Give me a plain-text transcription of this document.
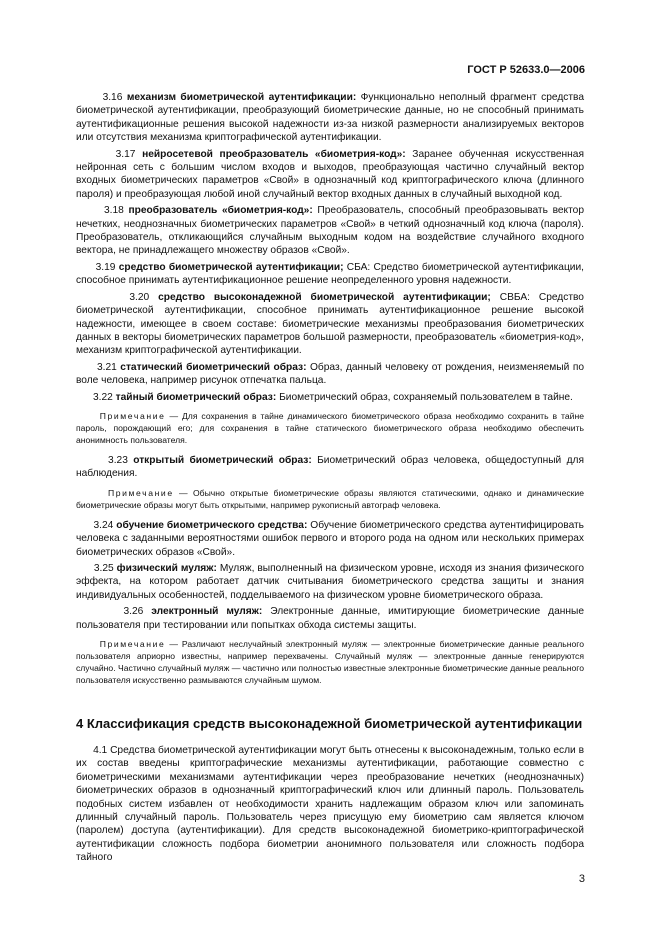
ГОСТ Р 52633.0—2006

3.16 механизм биометрической аутентификации: Функционально неполный фрагмент средства биометрической аутентификации, преобразующий биометрические данные, но не способный принимать аутентификационные решения высокой надежности из-за низкой размерности анализируемых векторов или отсутствия механизма криптографической аутентификации.

3.17 нейросетевой преобразователь «биометрия-код»: Заранее обученная искусственная нейронная сеть с большим числом входов и выходов, преобразующая частично случайный вектор входных биометрических параметров «Свой» в однозначный код криптографического ключа (длинного пароля) и преобразующая любой иной случайный вектор входных данных в случайный выходной код.

3.18 преобразователь «биометрия-код»: Преобразователь, способный преобразовывать вектор нечетких, неоднозначных биометрических параметров «Свой» в четкий однозначный код ключа (пароля). Преобразователь, откликающийся случайным выходным кодом на воздействие случайного входного вектора, не принадлежащего множеству образов «Свой».

3.19 средство биометрической аутентификации; СБА: Средство биометрической аутентификации, способное принимать аутентификационное решение неопределенного уровня надежности.

3.20 средство высоконадежной биометрической аутентификации; СВБА: Средство биометрической аутентификации, способное принимать аутентификационное решение высокой надежности, имеющее в своем составе: биометрические механизмы преобразования биометрических данных в векторы биометрических параметров большой размерности, преобразователь «биометрия-код», механизм криптографической аутентификации.

3.21 статический биометрический образ: Образ, данный человеку от рождения, неизменяемый по воле человека, например рисунок отпечатка пальца.

3.22 тайный биометрический образ: Биометрический образ, сохраняемый пользователем в тайне.

Примечание — Для сохранения в тайне динамического биометрического образа необходимо сохранить в тайне пароль, порождающий его; для сохранения в тайне статического биометрического образа необходимо обеспечить анонимность пользователя.

3.23 открытый биометрический образ: Биометрический образ человека, общедоступный для наблюдения.

Примечание — Обычно открытые биометрические образы являются статическими, однако и динамические биометрические образы могут быть открытыми, например рукописный автограф человека.

3.24 обучение биометрического средства: Обучение биометрического средства аутентифицировать человека с заданными вероятностями ошибок первого и второго рода на одном или нескольких примерах биометрических образов «Свой».

3.25 физический муляж: Муляж, выполненный на физическом уровне, исходя из знания физического эффекта, на котором работает датчик считывания биометрического средства защиты и знания индивидуальных особенностей, подделываемого на физическом уровне биометрического образа.

3.26 электронный муляж: Электронные данные, имитирующие биометрические данные пользователя при тестировании или попытках обхода системы защиты.

Примечание — Различают неслучайный электронный муляж — электронные биометрические данные реального пользователя априорно известны, например перехвачены. Случайный муляж — электронные данные генерируются случайно. Частично случайный муляж — частично или полностью известные электронные биометрические данные реального пользователя искусственно размываются случайным шумом.

4 Классификация средств высоконадежной биометрической аутентификации

4.1 Средства биометрической аутентификации могут быть отнесены к высоконадежным, только если в их состав введены криптографические механизмы аутентификации, работающие совместно с биометрическими механизмами аутентификации через преобразование нечетких (неоднозначных) биометрических образов в однозначный криптографический ключ или длинный пароль. Пользователь подобных систем избавлен от необходимости хранить надлежащим образом ключ или запоминать длинный случайный пароль. Пользователь через присущую ему биометрию сам является ключом (паролем) доступа (аутентификации). Для средств высоконадежной биометрико-криптографической аутентификации сложность подбора биометрии анонимного пользователя или сложность подбора тайного

3
